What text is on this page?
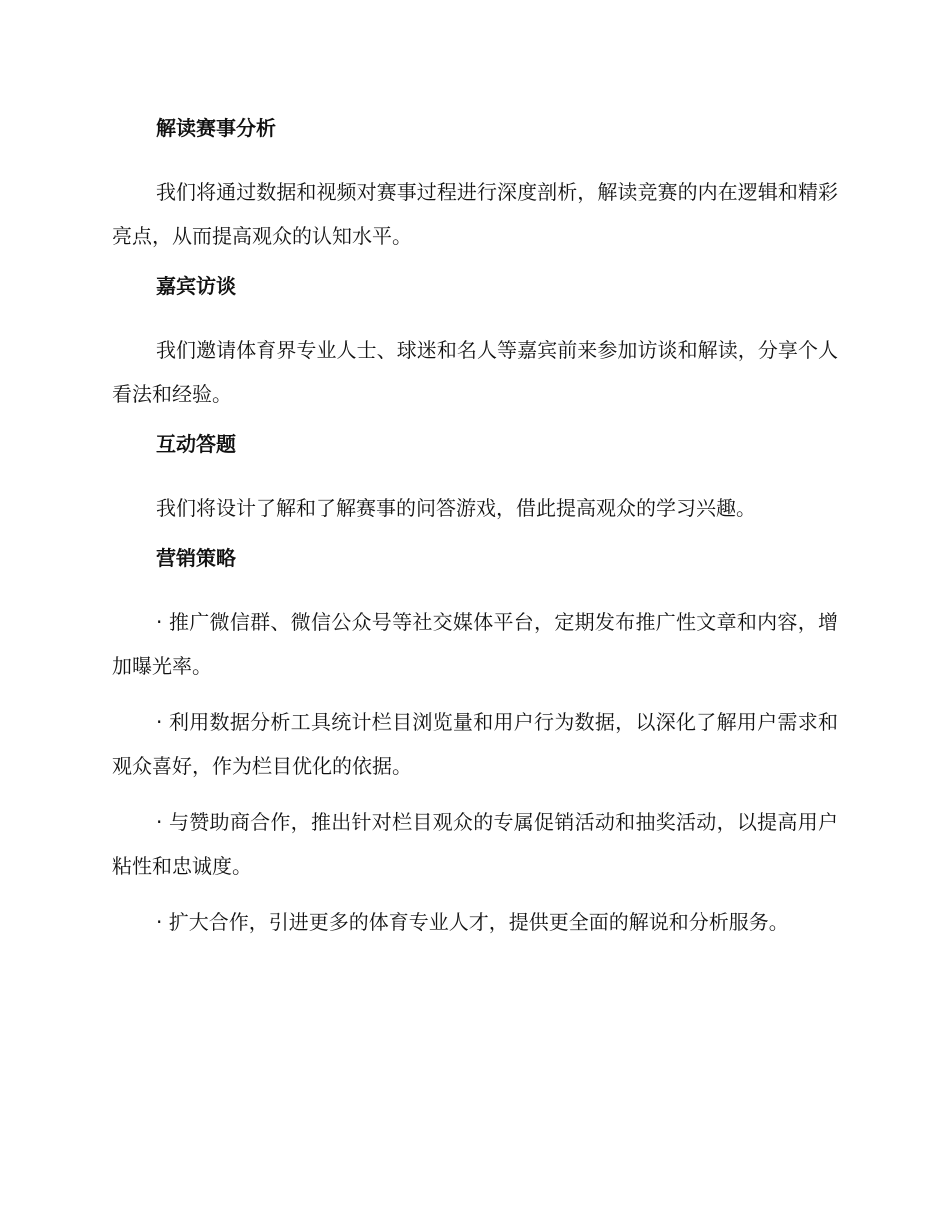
解读赛事分析

我们将通过数据和视频对赛事过程进行深度剖析，解读竞赛的内在逻辑和精彩亮点，从而提高观众的认知水平。

嘉宾访谈

我们邀请体育界专业人士、球迷和名人等嘉宾前来参加访谈和解读，分享个人看法和经验。

互动答题

我们将设计了解和了解赛事的问答游戏，借此提高观众的学习兴趣。

营销策略

· 推广微信群、微信公众号等社交媒体平台，定期发布推广性文章和内容，增加曝光率。

· 利用数据分析工具统计栏目浏览量和用户行为数据，以深化了解用户需求和观众喜好，作为栏目优化的依据。

· 与赞助商合作，推出针对栏目观众的专属促销活动和抽奖活动，以提高用户粘性和忠诚度。

· 扩大合作，引进更多的体育专业人才，提供更全面的解说和分析服务。
